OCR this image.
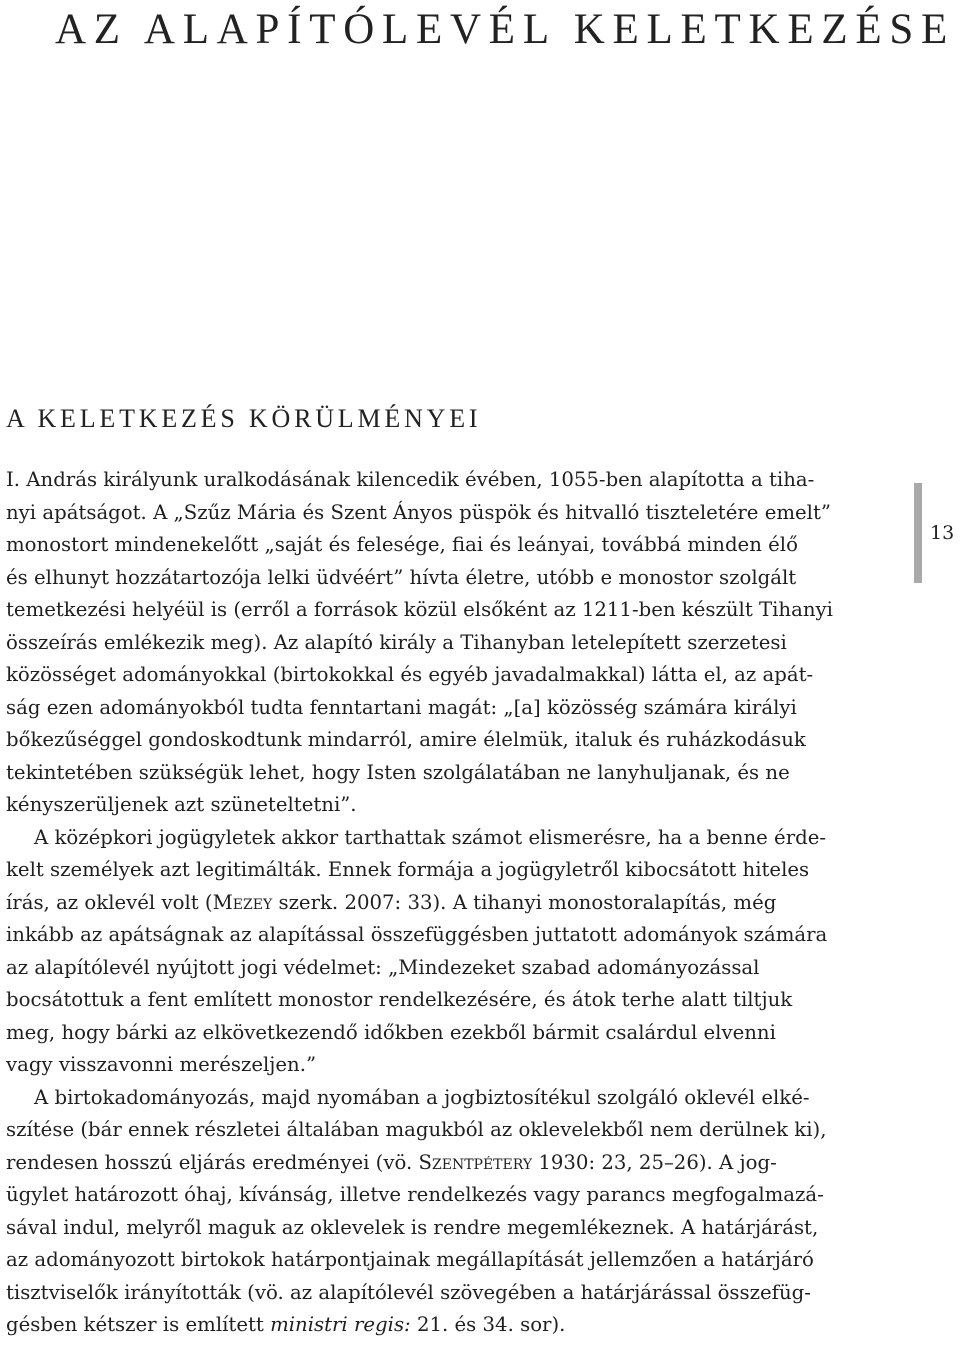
AZ ALAPÍTÓLEVÉL KELETKEZÉSE
A KELETKEZÉS KÖRÜLMÉNYEI
I. András királyunk uralkodásának kilencedik évében, 1055-ben alapította a tiha-
nyi apátságot. A „Szűz Mária és Szent Ányos püspök és hitvalló tiszteletére emelt”
monostort mindenekelőtt „saját és felesége, fiai és leányai, továbbá minden élő
és elhunyt hozzátartozója lelki üdvéért” hívta életre, utóbb e monostor szolgált
temetkezési helyéül is (erről a források közül elsőként az 1211-ben készült Tihanyi
összeírás emlékezik meg). Az alapító király a Tihanyban letelepített szerzetesi
közösséget adományokkal (birtokokkal és egyéb javadalmakkal) látta el, az apát-
ság ezen adományokból tudta fenntartani magát: „[a] közösség számára királyi
bőkezűséggel gondoskodtunk mindarról, amire élelmük, italuk és ruházkodásuk
tekintetében szükségük lehet, hogy Isten szolgálatában ne lanyhuljanak, és ne
kényszerüljenek azt szüneteltetni”.
A középkori jogügyletek akkor tarthattak számot elismerésre, ha a benne érde-
kelt személyek azt legitimálták. Ennek formája a jogügyletről kibocsátott hiteles
írás, az oklevél volt (Mezey szerk. 2007: 33). A tihanyi monostoralapítás, még
inkább az apátságnak az alapítással összefüggésben juttatott adományok számára
az alapítólevél nyújtott jogi védelmet: „Mindezeket szabad adományozással
bocsátottuk a fent említett monostor rendelkezésére, és átok terhe alatt tiltjuk
meg, hogy bárki az elkövetkezendő időkben ezekből bármit csalárdul elvenni
vagy visszavonni merészeljen.”
A birtokadományozás, majd nyomában a jogbiztosítékul szolgáló oklevél elké-
szítése (bár ennek részletei általában magukból az oklevelekből nem derülnek ki),
rendesen hosszú eljárás eredményei (vö. Szentpétery 1930: 23, 25–26). A jog-
ügylet határozott óhaj, kívánság, illetve rendelkezés vagy parancs megfogalmazá-
sával indul, melyről maguk az oklevelek is rendre megemlékeznek. A határjárást,
az adományozott birtokok határpontjainak megállapítását jellemzően a határjáró
tisztviselők irányították (vö. az alapítólevél szövegében a határjárással összefüg-
gésben kétszer is említett ministri regis: 21. és 34. sor).
13
